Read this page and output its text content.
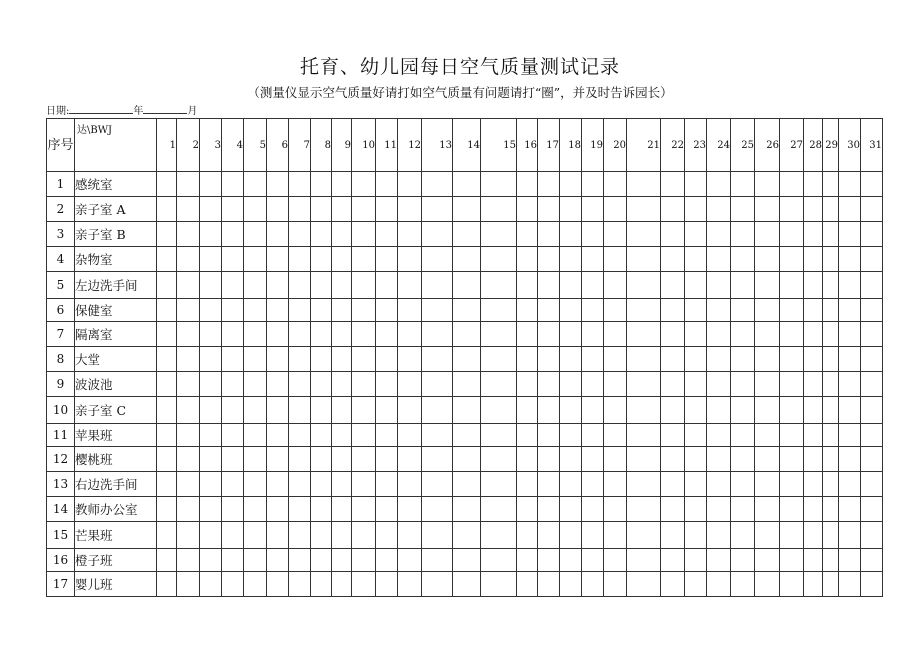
托育、幼儿园每日空气质量测试记录
（测量仪显示空气质量好请打如空气质量有问题请打“圈”，并及时告诉园长）
日期:	年	月
序号	达\BWJ	1	2	3	4	5	6	7	8	9	10	11	12	13	14	15	16	17	18	19	20	21	22	23	24	25	26	27	28	29	30	31
1	感统室																															
2	亲子室 A																															
3	亲子室 B																															
4	杂物室																															
5	左边洗手间																															
6	保健室																															
7	隔离室																															
8	大堂																															
9	波波池																															
10	亲子室 C																															
11	苹果班																															
12	樱桃班																															
13	右边洗手间																															
14	教师办公室																															
15	芒果班																															
16	橙子班																															
17	婴儿班																															
